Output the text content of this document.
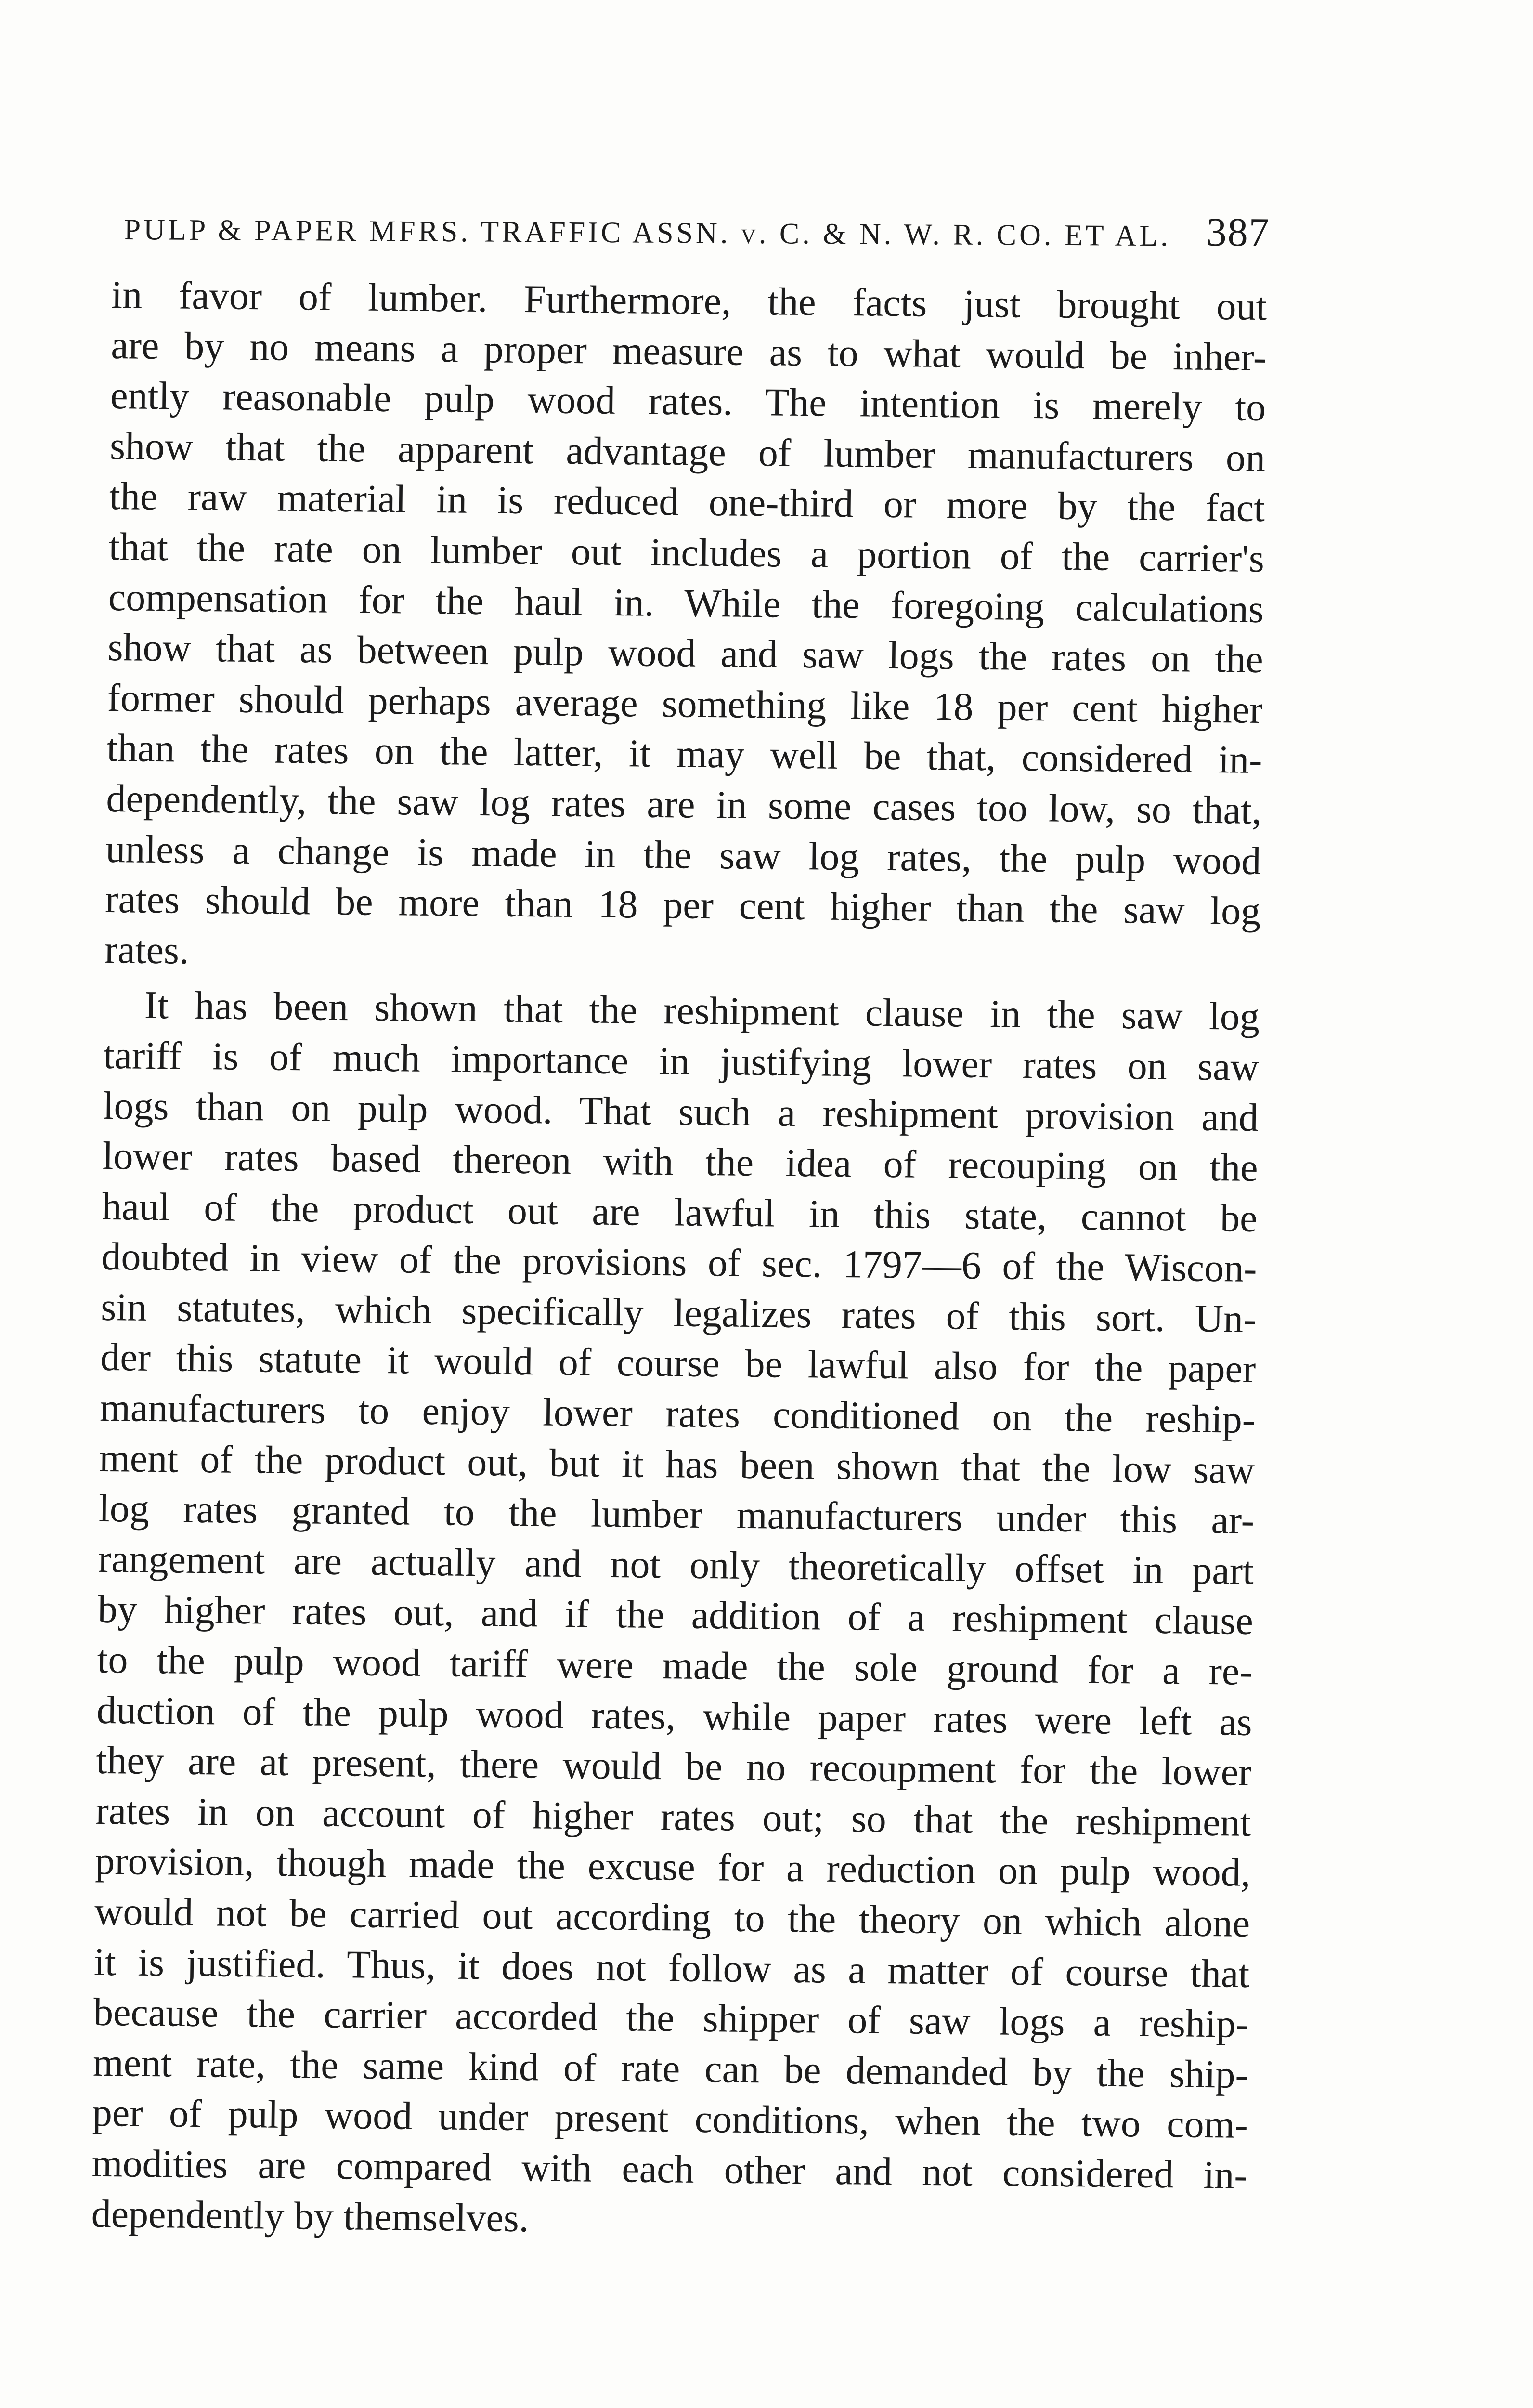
PULP & PAPER MFRS. TRAFFIC ASSN. v. C. & N. W. R. CO. ET AL. 387
in favor of lumber. Furthermore, the facts just brought out
are by no means a proper measure as to what would be inher-
ently reasonable pulp wood rates. The intention is merely to
show that the apparent advantage of lumber manufacturers on
the raw material in is reduced one-third or more by the fact
that the rate on lumber out includes a portion of the carrier's
compensation for the haul in. While the foregoing calculations
show that as between pulp wood and saw logs the rates on the
former should perhaps average something like 18 per cent higher
than the rates on the latter, it may well be that, considered in-
dependently, the saw log rates are in some cases too low, so that,
unless a change is made in the saw log rates, the pulp wood
rates should be more than 18 per cent higher than the saw log
rates.
It has been shown that the reshipment clause in the saw log
tariff is of much importance in justifying lower rates on saw
logs than on pulp wood. That such a reshipment provision and
lower rates based thereon with the idea of recouping on the
haul of the product out are lawful in this state, cannot be
doubted in view of the provisions of sec. 1797—6 of the Wiscon-
sin statutes, which specifically legalizes rates of this sort. Un-
der this statute it would of course be lawful also for the paper
manufacturers to enjoy lower rates conditioned on the reship-
ment of the product out, but it has been shown that the low saw
log rates granted to the lumber manufacturers under this ar-
rangement are actually and not only theoretically offset in part
by higher rates out, and if the addition of a reshipment clause
to the pulp wood tariff were made the sole ground for a re-
duction of the pulp wood rates, while paper rates were left as
they are at present, there would be no recoupment for the lower
rates in on account of higher rates out; so that the reshipment
provision, though made the excuse for a reduction on pulp wood,
would not be carried out according to the theory on which alone
it is justified. Thus, it does not follow as a matter of course that
because the carrier accorded the shipper of saw logs a reship-
ment rate, the same kind of rate can be demanded by the ship-
per of pulp wood under present conditions, when the two com-
modities are compared with each other and not considered in-
dependently by themselves.
